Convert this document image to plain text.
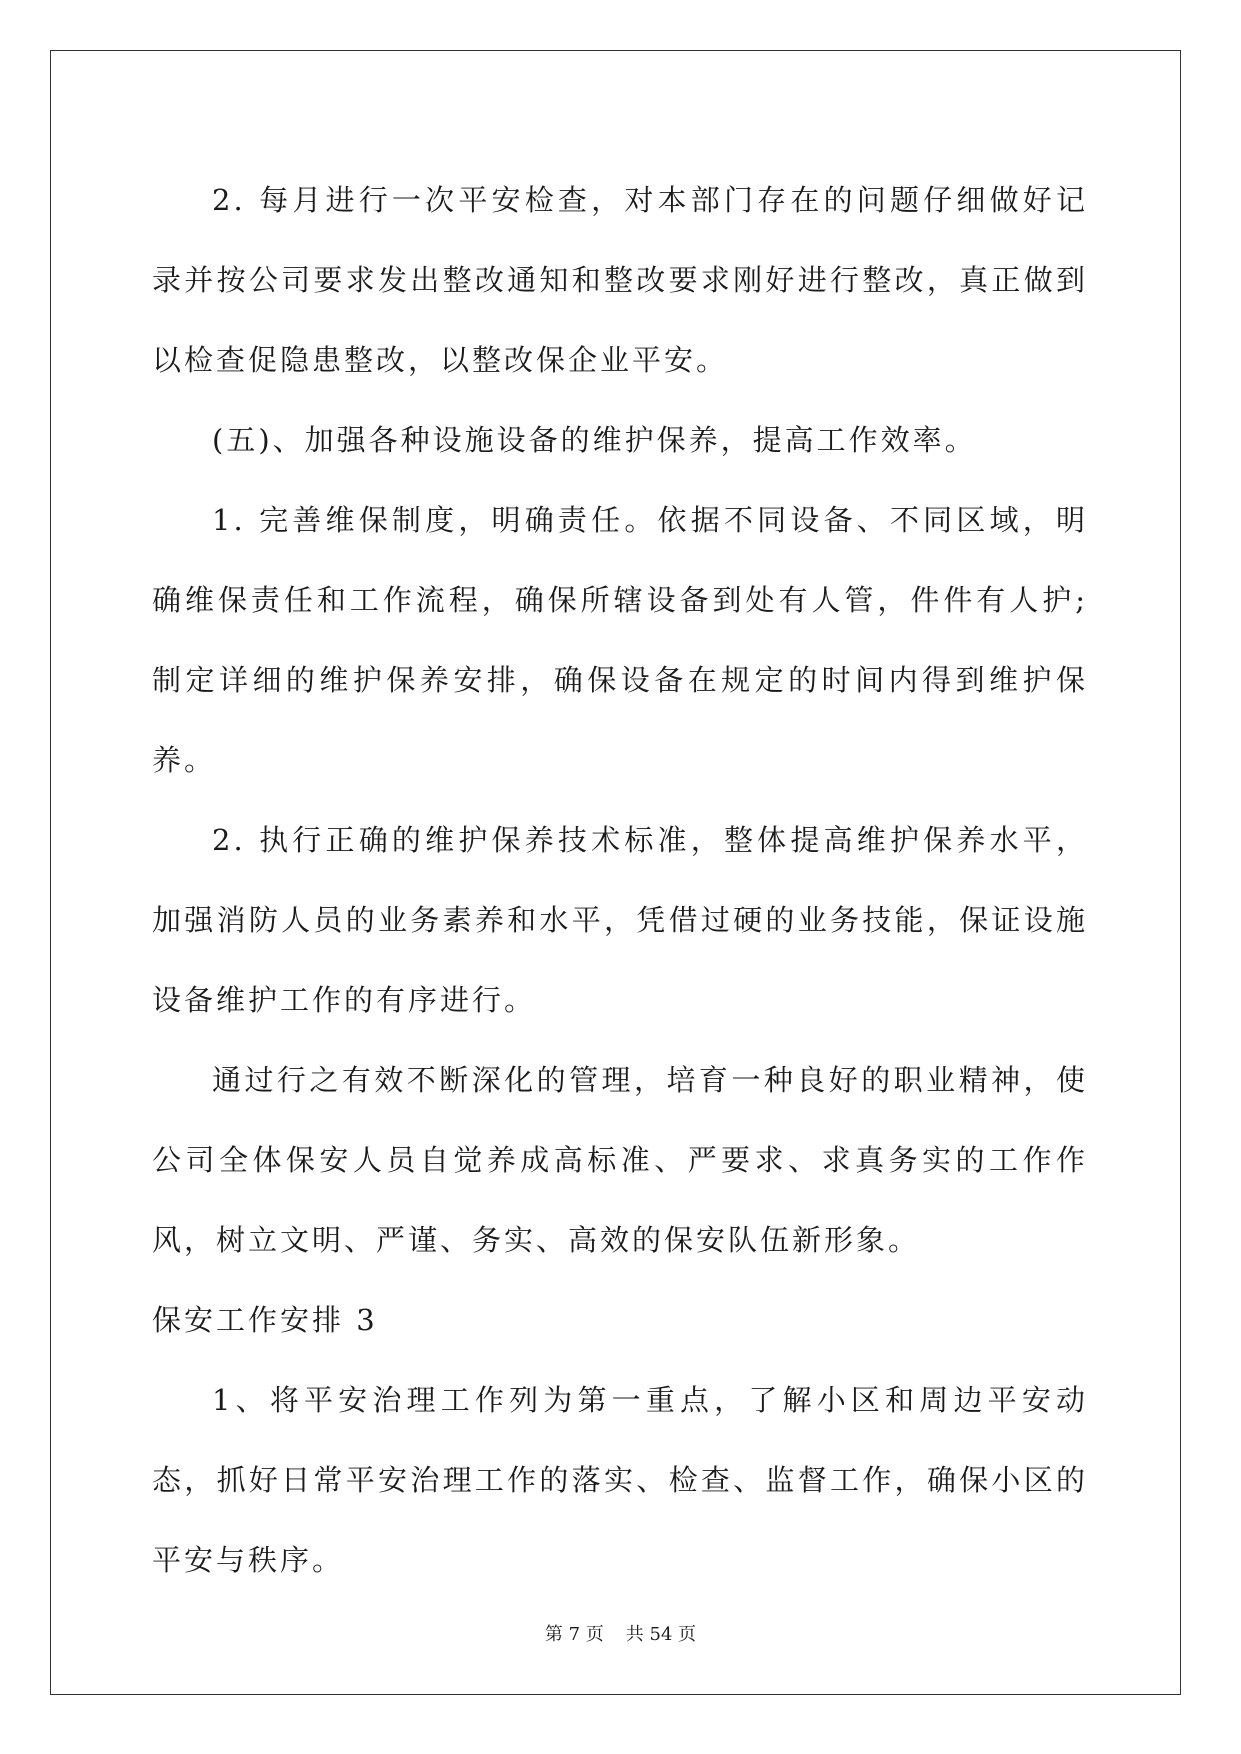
2. 每月进行一次平安检查，对本部门存在的问题仔细做好记录并按公司要求发出整改通知和整改要求刚好进行整改，真正做到以检查促隐患整改，以整改保企业平安。

(五)、加强各种设施设备的维护保养，提高工作效率。

1. 完善维保制度，明确责任。依据不同设备、不同区域，明确维保责任和工作流程，确保所辖设备到处有人管，件件有人护;制定详细的维护保养安排，确保设备在规定的时间内得到维护保养。

2. 执行正确的维护保养技术标准，整体提高维护保养水平，加强消防人员的业务素养和水平，凭借过硬的业务技能，保证设施设备维护工作的有序进行。

通过行之有效不断深化的管理，培育一种良好的职业精神，使公司全体保安人员自觉养成高标准、严要求、求真务实的工作作风，树立文明、严谨、务实、高效的保安队伍新形象。

保安工作安排 3

1、将平安治理工作列为第一重点，了解小区和周边平安动态，抓好日常平安治理工作的落实、检查、监督工作，确保小区的平安与秩序。

第 7 页 共 54 页
